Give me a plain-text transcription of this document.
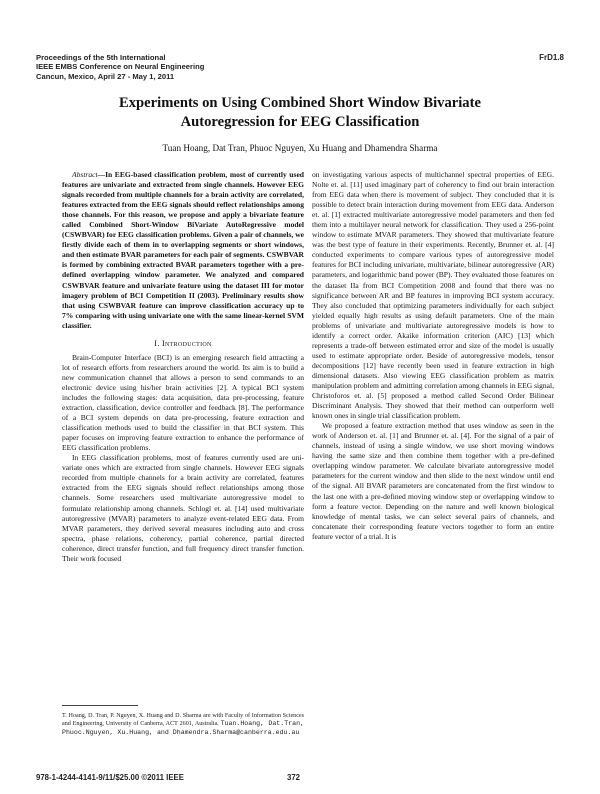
Proceedings of the 5th International
IEEE EMBS Conference on Neural Engineering
Cancun, Mexico, April 27 - May 1, 2011
FrD1.8
Experiments on Using Combined Short Window Bivariate
Autoregression for EEG Classification
Tuan Hoang, Dat Tran, Phuoc Nguyen, Xu Huang and Dhamendra Sharma

Abstract—In EEG-based classification problem, most of currently used features are univariate and extracted from single channels. However EEG signals recorded from multiple channels for a brain activity are correlated, features extracted from the EEG signals should reflect relationships among those channels. For this reason, we propose and apply a bivariate feature called Combined Short-Window BiVariate AutoRegressive model (CSWBVAR) for EEG classification problems. Given a pair of channels, we firstly divide each of them in to overlapping segments or short windows, and then estimate BVAR parameters for each pair of segments. CSWBVAR is formed by combining extracted BVAR parameters together with a pre-defined overlapping window parameter. We analyzed and compared CSWBVAR feature and univariate feature using the dataset III for motor imagery problem of BCI Competition II (2003). Preliminary results show that using CSWBVAR feature can improve classification accuracy up to 7% comparing with using univariate one with the same linear-kernel SVM classifier.

I. Introduction

Brain-Computer Interface (BCI) is an emerging research field attracting a lot of research efforts from researchers around the world. Its aim is to build a new communication channel that allows a person to send commands to an electronic device using his/her brain activities [2]. A typical BCI system includes the following stages: data acquisition, data pre-processing, feature extraction, classification, device controller and feedback [8]. The performance of a BCI system depends on data pre-processing, feature extraction and classification methods used to build the classifier in that BCI system. This paper focuses on improving feature extraction to enhance the performance of EEG classification problems.

In EEG classification problems, most of features currently used are uni-variate ones which are extracted from single channels. However EEG signals recorded from multiple channels for a brain activity are correlated, features extracted from the EEG signals should reflect relationships among those channels. Some researchers used multivariate autoregressive model to formulate relationship among channels. Schlogl et. al. [14] used multivariate autoregressive (MVAR) parameters to analyze event-related EEG data. From MVAR parameters, they derived several measures including auto and cross spectra, phase relations, coherency, partial coherence, partial directed coherence, direct transfer function, and full frequency direct transfer function. Their work focused

on investigating various aspects of multichannel spectral properties of EEG. Nolte et. al. [11] used imaginary part of coherency to find out brain interaction from EEG data when there is movement of subject. They concluded that it is possible to detect brain interaction during movement from EEG data. Anderson et. al. [1] extracted multivariate autoregressive model parameters and then fed them into a multilayer neural network for classification. They used a 256-point window to estimate MVAR parameters. They showed that multivariate feature was the best type of feature in their experiments. Recently, Brunner et. al. [4] conducted experiments to compare various types of autoregressive model features for BCI including univariate, multivariate, bilinear autoregressive (AR) parameters, and logarithmic band power (BP). They evaluated those features on the dataset IIa from BCI Competition 2008 and found that there was no significance between AR and BP features in improving BCI system accuracy. They also concluded that optimizing parameters individually for each subject yielded equally high results as using default parameters. One of the main problems of univariate and multivariate autoregressive models is how to identify a correct order. Akaike information criterion (AIC) [13] which represents a trade-off between estimated error and size of the model is usually used to estimate appropriate order. Beside of autoregressive models, tensor decompositions [12] have recently been used in feature extraction in high dimensional datasets. Also viewing EEG classification problem as matrix manipulation problem and admitting correlation among channels in EEG signal, Christoforos et. al. [5] proposed a method called Second Order Bilinear Discriminant Analysis. They showed that their method can outperform well known ones in single trial classification problem.

We proposed a feature extraction method that uses window as seen in the work of Anderson et. al. [1] and Brunner et. al. [4]. For the signal of a pair of channels, instead of using a single window, we use short moving windows having the same size and then combine them together with a pre-defined overlapping window parameter. We calculate bivariate autoregressive model parameters for the current window and then slide to the next window until end of the signal. All BVAR parameters are concatenated from the first window to the last one with a pre-defined moving window step or overlapping window to form a feature vector. Depending on the nature and well known biological knowledge of mental tasks, we can select several pairs of channels, and concatenate their corresponding feature vectors together to form an entire feature vector of a trial. It is

T. Hoang, D. Tran, P. Nguyen, X. Huang and D. Sharma are with Faculty of Information Sciences and Engineering, University of Canberra, ACT 2601, Australia. Tuan.Hoang, Dat.Tran, Phuoc.Nguyen, Xu.Huang, and Dhamendra.Sharma@canberra.edu.au
978-1-4244-4141-9/11/$25.00 ©2011 IEEE	372
